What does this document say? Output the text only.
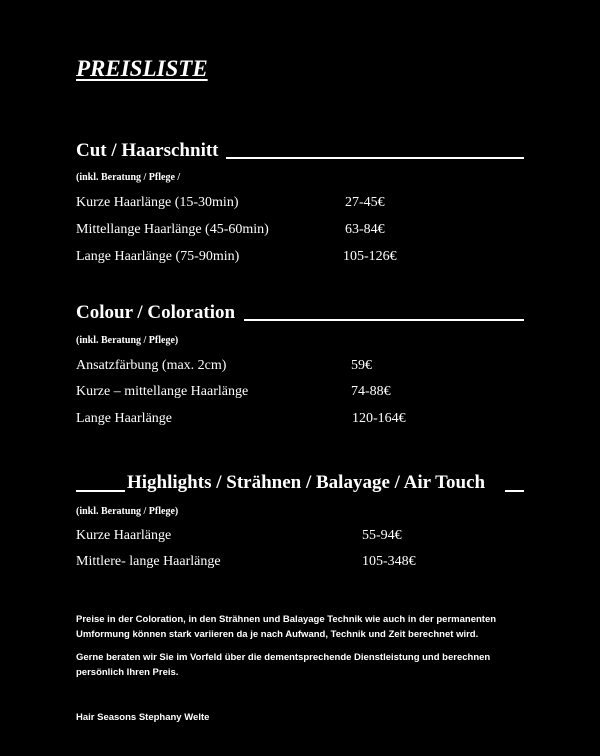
PREISLISTE
Cut / Haarschnitt
(inkl. Beratung / Pflege /
Kurze Haarlänge (15-30min)	27-45€
Mittellange Haarlänge (45-60min)	63-84€
Lange Haarlänge (75-90min)	105-126€
Colour / Coloration
(inkl. Beratung / Pflege)
Ansatzfärbung (max. 2cm)	59€
Kurze – mittellange Haarlänge	74-88€
Lange Haarlänge	120-164€
Highlights / Strähnen / Balayage / Air Touch
(inkl. Beratung / Pflege)
Kurze Haarlänge	55-94€
Mittlere- lange Haarlänge	105-348€
Preise in der Coloration, in den Strähnen und Balayage Technik wie auch in der permanenten Umformung können stark variieren da je nach Aufwand, Technik und Zeit berechnet wird.
Gerne beraten wir Sie im Vorfeld über die dementsprechende Dienstleistung und berechnen persönlich Ihren Preis.
Hair Seasons Stephany Welte
